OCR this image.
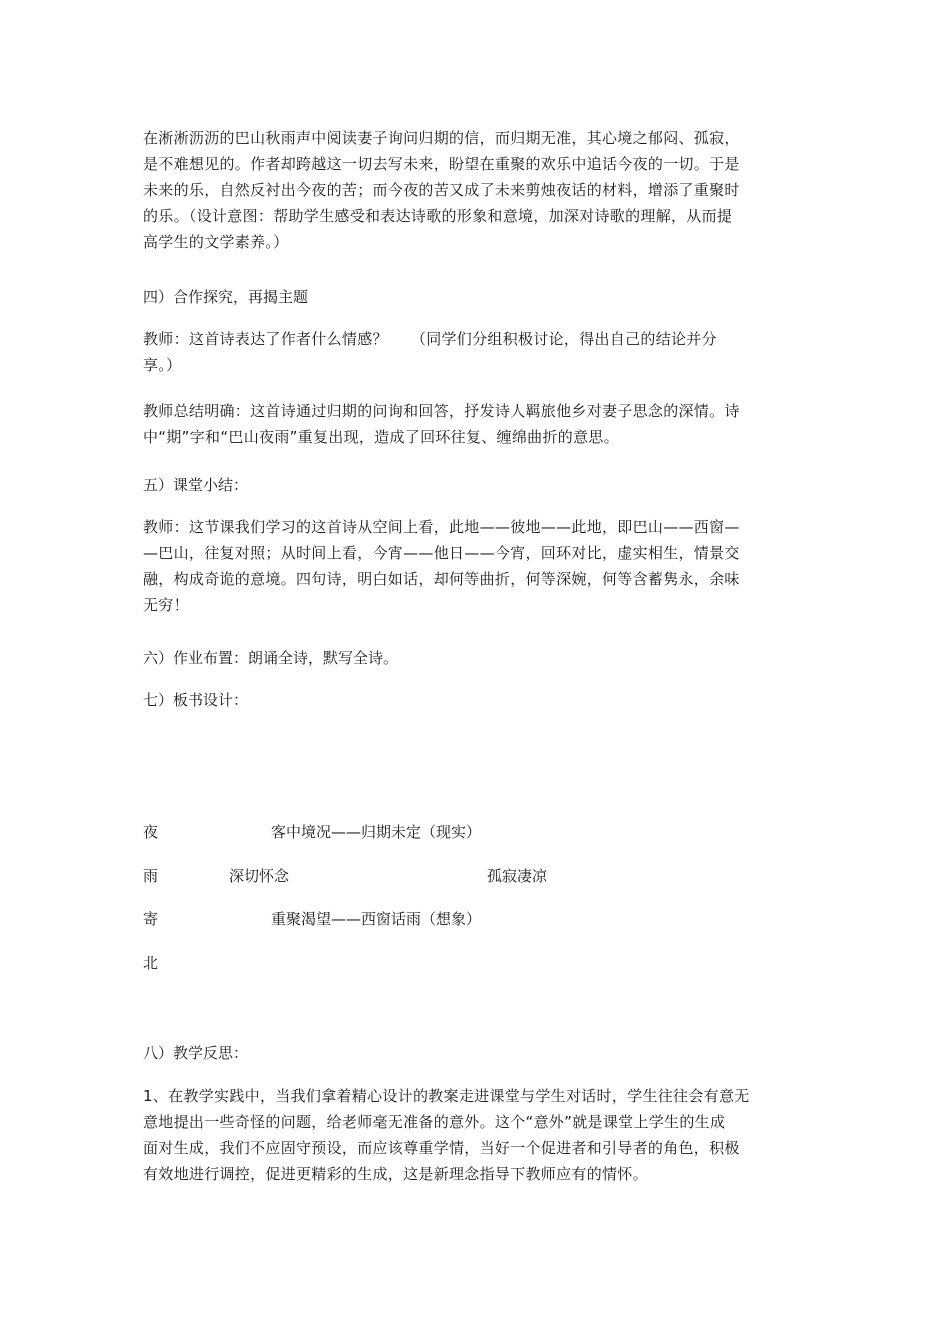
在淅淅沥沥的巴山秋雨声中阅读妻子询问归期的信，而归期无准，其心境之郁闷、孤寂，
是不难想见的。作者却跨越这一切去写未来，盼望在重聚的欢乐中追话今夜的一切。于是
未来的乐，自然反衬出今夜的苦；而今夜的苦又成了未来剪烛夜话的材料，增添了重聚时
的乐。（设计意图：帮助学生感受和表达诗歌的形象和意境，加深对诗歌的理解，从而提
高学生的文学素养。）
四）合作探究，再揭主题
教师：这首诗表达了作者什么情感？　　（同学们分组积极讨论，得出自己的结论并分
享。）
教师总结明确：这首诗通过归期的问询和回答，抒发诗人羁旅他乡对妻子思念的深情。诗
中“期”字和“巴山夜雨”重复出现，造成了回环往复、缠绵曲折的意思。
五）课堂小结：
教师：这节课我们学习的这首诗从空间上看，此地——彼地——此地，即巴山——西窗—
—巴山，往复对照；从时间上看，今宵——他日——今宵，回环对比，虚实相生，情景交
融，构成奇诡的意境。四句诗，明白如话，却何等曲折，何等深婉，何等含蓄隽永，余味
无穷！
六）作业布置：朗诵全诗，默写全诗。
七）板书设计：
夜
雨
寄
北
客中境况——归期未定（现实）
深切怀念	孤寂凄凉
重聚渴望——西窗话雨（想象）
八）教学反思：
1、在教学实践中，当我们拿着精心设计的教案走进课堂与学生对话时，学生往往会有意无
意地提出一些奇怪的问题，给老师毫无准备的意外。这个“意外”就是课堂上学生的生成
面对生成，我们不应固守预设，而应该尊重学情，当好一个促进者和引导者的角色，积极
有效地进行调控，促进更精彩的生成，这是新理念指导下教师应有的情怀。
